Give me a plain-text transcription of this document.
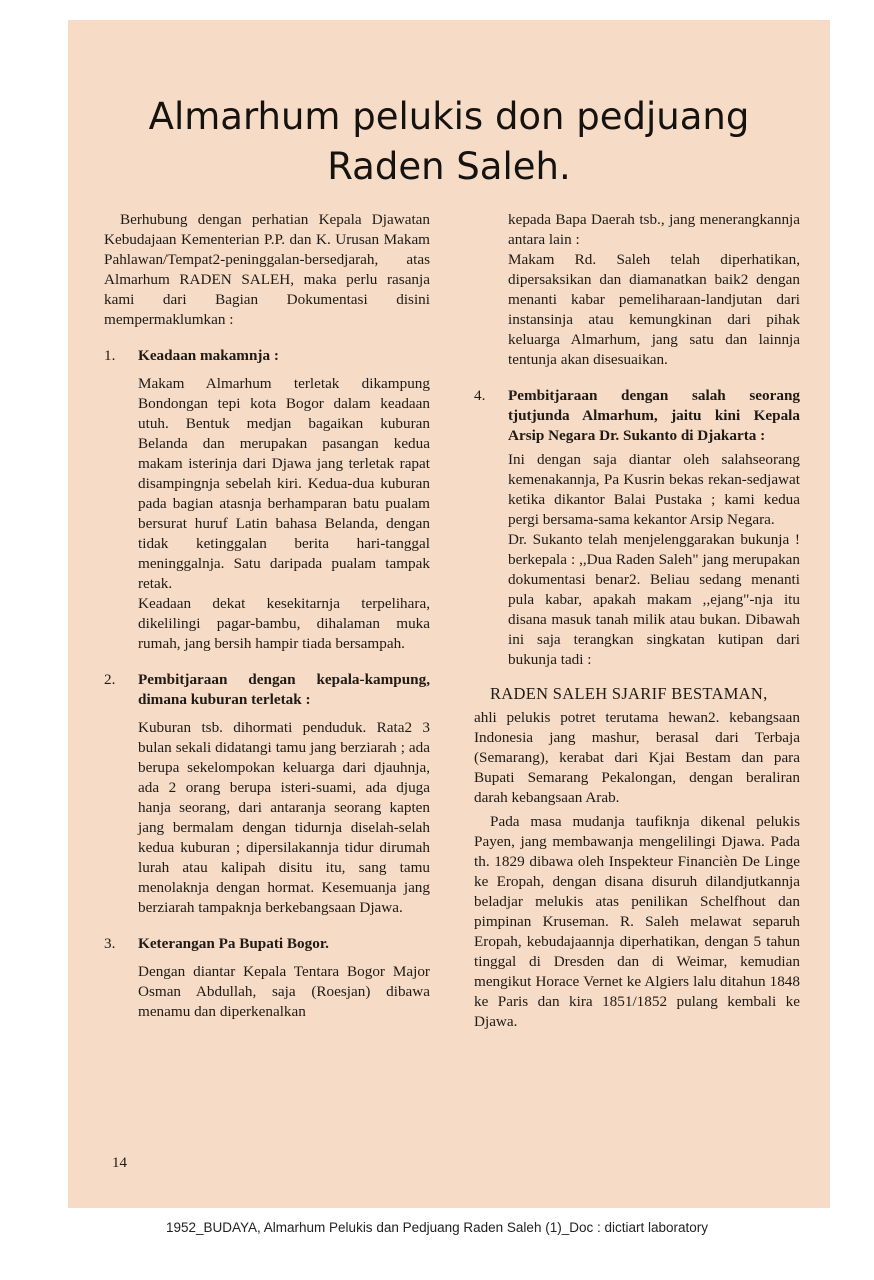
Almarhum pelukis don pedjuang
Raden Saleh.

Berhubung dengan perhatian Kepala Djawatan Kebudajaan Kementerian P.P. dan K. Urusan Makam Pahlawan/Tempat2-peninggalan-bersedjarah, atas Almarhum RADEN SALEH, maka perlu rasanja kami dari Bagian Dokumentasi disini mempermaklumkan :

1.	Keadaan makamnja :

Makam Almarhum terletak dikampung Bondongan tepi kota Bogor dalam keadaan utuh. Bentuk medjan bagaikan kuburan Belanda dan merupakan pasangan kedua makam isterinja dari Djawa jang terletak rapat disampingnja sebelah kiri. Kedua-dua kuburan pada bagian atasnja berhamparan batu pualam bersurat huruf Latin bahasa Belanda, dengan tidak ketinggalan berita hari-tanggal meninggalnja. Satu daripada pualam tampak retak.

Keadaan dekat kesekitarnja terpelihara, dikelilingi pagar-bambu, dihalaman muka rumah, jang bersih hampir tiada bersampah.

2.	Pembitjaraan dengan kepala-kampung, dimana kuburan terletak :

Kuburan tsb. dihormati penduduk. Rata2 3 bulan sekali didatangi tamu jang berziarah ; ada berupa sekelompokan keluarga dari djauhnja, ada 2 orang berupa isteri-suami, ada djuga hanja seorang, dari antaranja seorang kapten jang bermalam dengan tidurnja diselah-selah kedua kuburan ; dipersilakannja tidur dirumah lurah atau kalipah disitu itu, sang tamu menolaknja dengan hormat. Kesemuanja jang berziarah tampaknja berkebangsaan Djawa.

3.	Keterangan Pa Bupati Bogor.

Dengan diantar Kepala Tentara Bogor Major Osman Abdullah, saja (Roesjan) dibawa menamu dan diperkenalkan

kepada Bapa Daerah tsb., jang menerangkannja antara lain :

Makam Rd. Saleh telah diperhatikan, dipersaksikan dan diamanatkan baik2 dengan menanti kabar pemeliharaan-landjutan dari instansinja atau kemungkinan dari pihak keluarga Almarhum, jang satu dan lainnja tentunja akan disesuaikan.

4.	Pembitjaraan dengan salah seorang tjutjunda Almarhum, jaitu kini Kepala Arsip Negara Dr. Sukanto di Djakarta :

Ini dengan saja diantar oleh salahseorang kemenakannja, Pa Kusrin bekas rekan-sedjawat ketika dikantor Balai Pustaka ; kami kedua pergi bersama-sama kekantor Arsip Negara.

Dr. Sukanto telah menjelenggarakan bukunja ! berkepala : ,,Dua Raden Saleh" jang merupakan dokumentasi benar2. Beliau sedang menanti pula kabar, apakah makam ,,ejang"-nja itu disana masuk tanah milik atau bukan. Dibawah ini saja terangkan singkatan kutipan dari bukunja tadi :

RADEN SALEH SJARIF BESTAMAN,

ahli pelukis potret terutama hewan2. kebangsaan Indonesia jang mashur, berasal dari Terbaja (Semarang), kerabat dari Kjai Bestam dan para Bupati Semarang Pekalongan, dengan beraliran darah kebangsaan Arab.

Pada masa mudanja taufiknja dikenal pelukis Payen, jang membawanja mengelilingi Djawa. Pada th. 1829 dibawa oleh Inspekteur Financièn De Linge ke Eropah, dengan disana disuruh dilandjutkannja beladjar melukis atas penilikan Schelfhout dan pimpinan Kruseman. R. Saleh melawat separuh Eropah, kebudajaannja diperhatikan, dengan 5 tahun tinggal di Dresden dan di Weimar, kemudian mengikut Horace Vernet ke Algiers lalu ditahun 1848 ke Paris dan kira 1851/1852 pulang kembali ke Djawa.

14
1952_BUDAYA, Almarhum Pelukis dan Pedjuang Raden Saleh (1)_Doc : dictiart laboratory
